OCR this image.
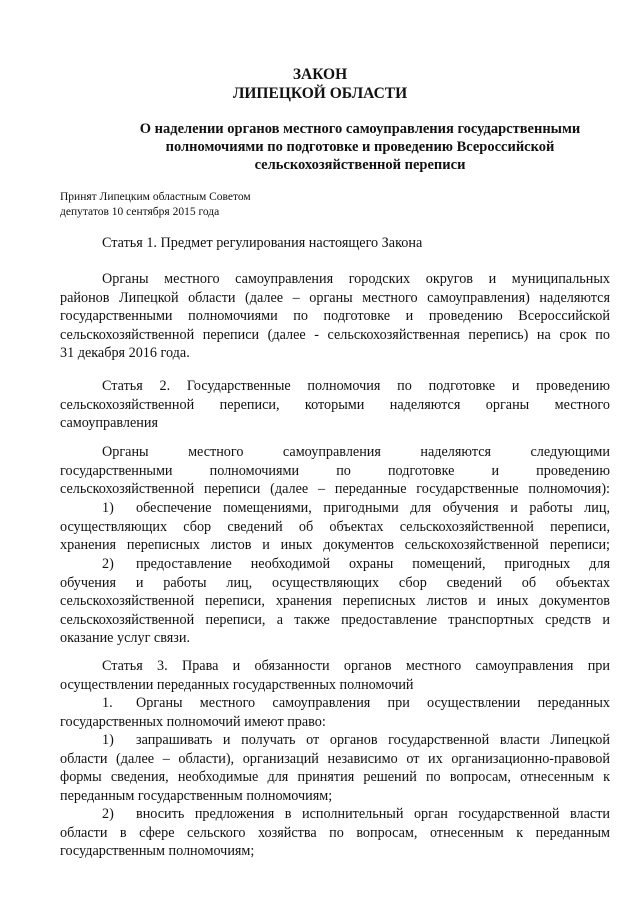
ЗАКОН
ЛИПЕЦКОЙ ОБЛАСТИ
О наделении органов местного самоуправления государственными
полномочиями по подготовке и проведению Всероссийской
сельскохозяйственной переписи
Принят Липецким областным Советом
депутатов 10 сентября 2015 года
Статья 1. Предмет регулирования настоящего Закона
Органы местного самоуправления городских округов и муниципальных
районов Липецкой области (далее – органы местного самоуправления) наделяются
государственными полномочиями по подготовке и проведению Всероссийской
сельскохозяйственной переписи (далее - сельскохозяйственная перепись) на срок по
31 декабря 2016 года.
Статья 2. Государственные полномочия по подготовке и проведению
сельскохозяйственной переписи, которыми наделяются органы местного
самоуправления
Органы местного самоуправления наделяются следующими
государственными полномочиями по подготовке и проведению
сельскохозяйственной переписи (далее – переданные государственные полномочия):
1) обеспечение помещениями, пригодными для обучения и работы лиц,
осуществляющих сбор сведений об объектах сельскохозяйственной переписи,
хранения переписных листов и иных документов сельскохозяйственной переписи;
2) предоставление необходимой охраны помещений, пригодных для
обучения и работы лиц, осуществляющих сбор сведений об объектах
сельскохозяйственной переписи, хранения переписных листов и иных документов
сельскохозяйственной переписи, а также предоставление транспортных средств и
оказание услуг связи.
Статья 3. Права и обязанности органов местного самоуправления при
осуществлении переданных государственных полномочий
1. Органы местного самоуправления при осуществлении переданных
государственных полномочий имеют право:
1) запрашивать и получать от органов государственной власти Липецкой
области (далее – области), организаций независимо от их организационно-правовой
формы сведения, необходимые для принятия решений по вопросам, отнесенным к
переданным государственным полномочиям;
2) вносить предложения в исполнительный орган государственной власти
области в сфере сельского хозяйства по вопросам, отнесенным к переданным
государственным полномочиям;
